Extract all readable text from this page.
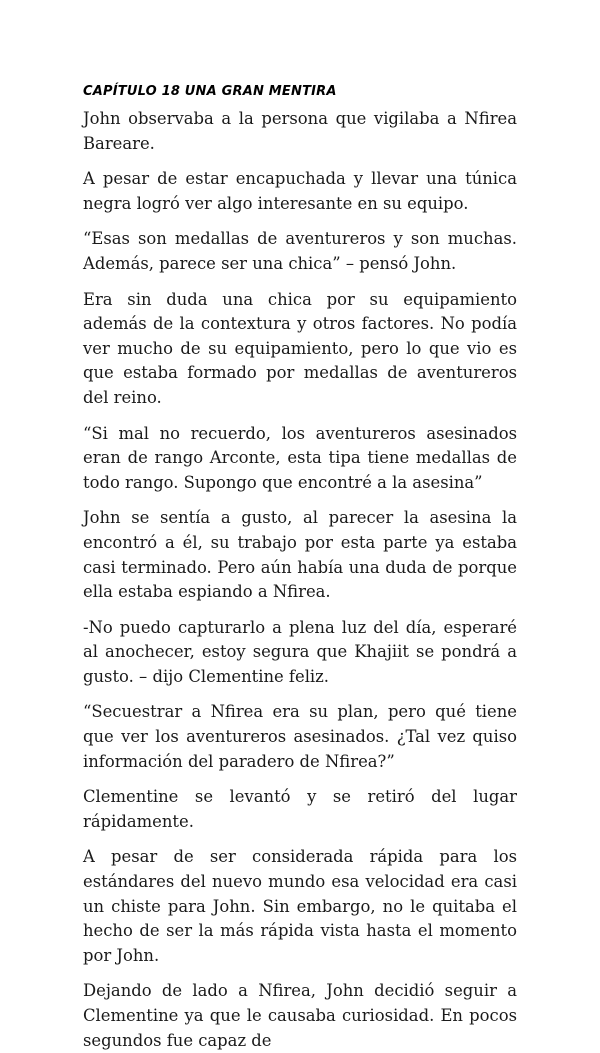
CAPÍTULO 18 UNA GRAN MENTIRA

John observaba a la persona que vigilaba a Nfirea Bareare.

A pesar de estar encapuchada y llevar una túnica negra logró ver algo interesante en su equipo.

“Esas son medallas de aventureros y son muchas. Además, parece ser una chica” – pensó John.

Era sin duda una chica por su equipamiento además de la contextura y otros factores. No podía ver mucho de su equipamiento, pero lo que vio es que estaba formado por medallas de aventureros del reino.

“Si mal no recuerdo, los aventureros asesinados eran de rango Arconte, esta tipa tiene medallas de todo rango. Supongo que encontré a la asesina”

John se sentía a gusto, al parecer la asesina la encontró a él, su trabajo por esta parte ya estaba casi terminado. Pero aún había una duda de porque ella estaba espiando a Nfirea.

-No puedo capturarlo a plena luz del día, esperaré al anochecer, estoy segura que Khajiit se pondrá a gusto. – dijo Clementine feliz.

“Secuestrar a Nfirea era su plan, pero qué tiene que ver los aventureros asesinados. ¿Tal vez quiso información del paradero de Nfirea?”

Clementine se levantó y se retiró del lugar rápidamente.

A pesar de ser considerada rápida para los estándares del nuevo mundo esa velocidad era casi un chiste para John. Sin embargo, no le quitaba el hecho de ser la más rápida vista hasta el momento por John.

Dejando de lado a Nfirea, John decidió seguir a Clementine ya que le causaba curiosidad. En pocos segundos fue capaz de
